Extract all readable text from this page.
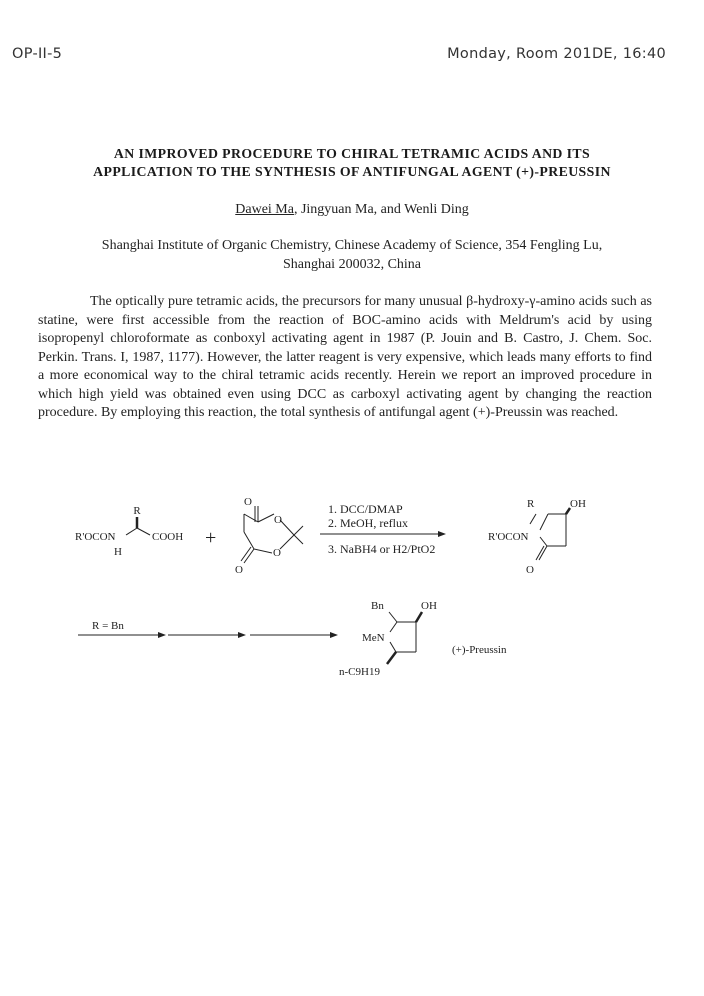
OP-II-5	Monday, Room 201DE, 16:40
AN IMPROVED PROCEDURE TO CHIRAL TETRAMIC ACIDS AND ITS
APPLICATION TO THE SYNTHESIS OF ANTIFUNGAL AGENT (+)-PREUSSIN
Dawei Ma, Jingyuan Ma, and Wenli Ding
Shanghai Institute of Organic Chemistry, Chinese Academy of Science, 354 Fengling Lu,
Shanghai 200032, China

The optically pure tetramic acids, the precursors for many unusual β-hydroxy-γ-amino acids such as statine, were first accessible from the reaction of BOC-amino acids with Meldrum's acid by using isopropenyl chloroformate as conboxyl activating agent in 1987 (P. Jouin and B. Castro, J. Chem. Soc. Perkin. Trans. I, 1987, 1177). However, the latter reagent is very expensive, which leads many efforts to find a more economical way to the chiral tetramic acids recently. Herein we report an improved procedure in which high yield was obtained even using DCC as carboxyl activating agent by changing the reaction procedure. By employing this reaction, the total synthesis of antifungal agent (+)-Preussin was reached.

R
R'OCON
H
COOH
O
O
O
O
R	OH
R'OCON
O
R = Bn
Bn	OH
MeN
n-C9H19
(+)-Preussin
+
1. DCC/DMAP
2. MeOH, reflux
3. NaBH4 or H2/PtO2
